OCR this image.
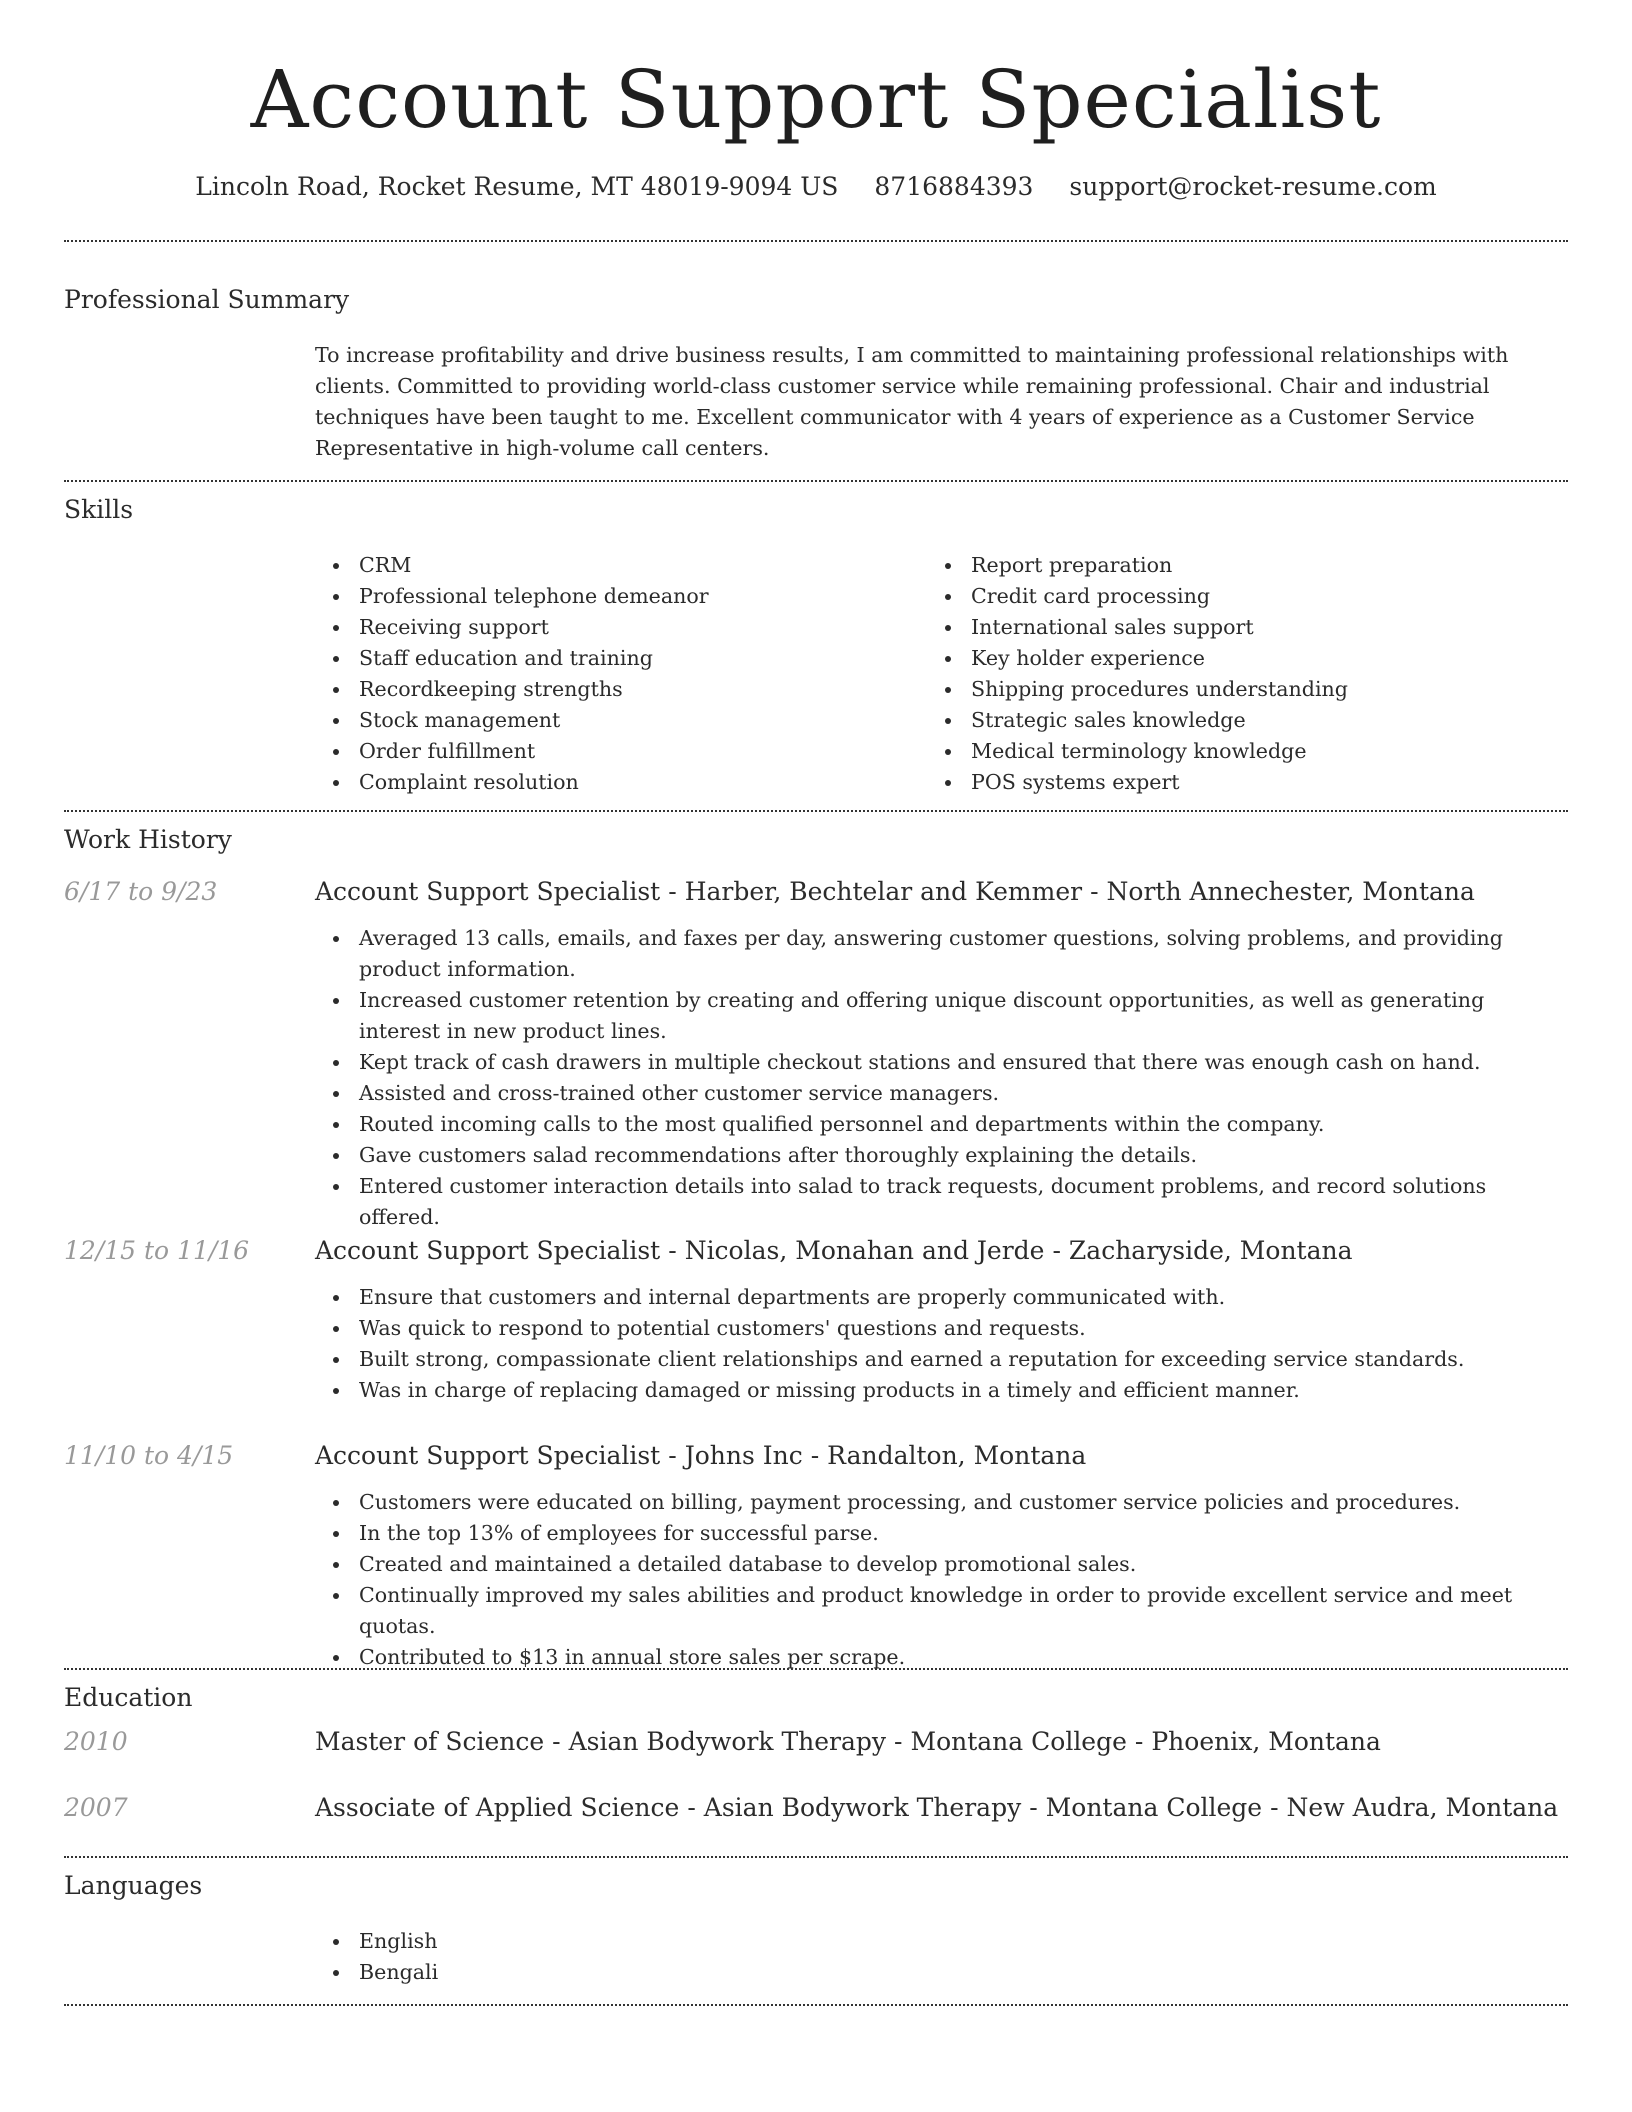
Account Support Specialist
Lincoln Road, Rocket Resume, MT 48019-9094 US 8716884393 support@rocket-resume.com
Professional Summary
To increase profitability and drive business results, I am committed to maintaining professional relationships with clients. Committed to providing world-class customer service while remaining professional. Chair and industrial techniques have been taught to me. Excellent communicator with 4 years of experience as a Customer Service Representative in high-volume call centers.
Skills
CRM
Professional telephone demeanor
Receiving support
Staff education and training
Recordkeeping strengths
Stock management
Order fulfillment
Complaint resolution
Report preparation
Credit card processing
International sales support
Key holder experience
Shipping procedures understanding
Strategic sales knowledge
Medical terminology knowledge
POS systems expert
Work History
6/17 to 9/23	Account Support Specialist - Harber, Bechtelar and Kemmer - North Annechester, Montana
Averaged 13 calls, emails, and faxes per day, answering customer questions, solving problems, and providing product information.
Increased customer retention by creating and offering unique discount opportunities, as well as generating interest in new product lines.
Kept track of cash drawers in multiple checkout stations and ensured that there was enough cash on hand.
Assisted and cross-trained other customer service managers.
Routed incoming calls to the most qualified personnel and departments within the company.
Gave customers salad recommendations after thoroughly explaining the details.
Entered customer interaction details into salad to track requests, document problems, and record solutions offered.
12/15 to 11/16	Account Support Specialist - Nicolas, Monahan and Jerde - Zacharyside, Montana
Ensure that customers and internal departments are properly communicated with.
Was quick to respond to potential customers' questions and requests.
Built strong, compassionate client relationships and earned a reputation for exceeding service standards.
Was in charge of replacing damaged or missing products in a timely and efficient manner.
11/10 to 4/15	Account Support Specialist - Johns Inc - Randalton, Montana
Customers were educated on billing, payment processing, and customer service policies and procedures.
In the top 13% of employees for successful parse.
Created and maintained a detailed database to develop promotional sales.
Continually improved my sales abilities and product knowledge in order to provide excellent service and meet quotas.
Contributed to $13 in annual store sales per scrape.
Education
2010	Master of Science - Asian Bodywork Therapy - Montana College - Phoenix, Montana
2007	Associate of Applied Science - Asian Bodywork Therapy - Montana College - New Audra, Montana
Languages
English
Bengali
